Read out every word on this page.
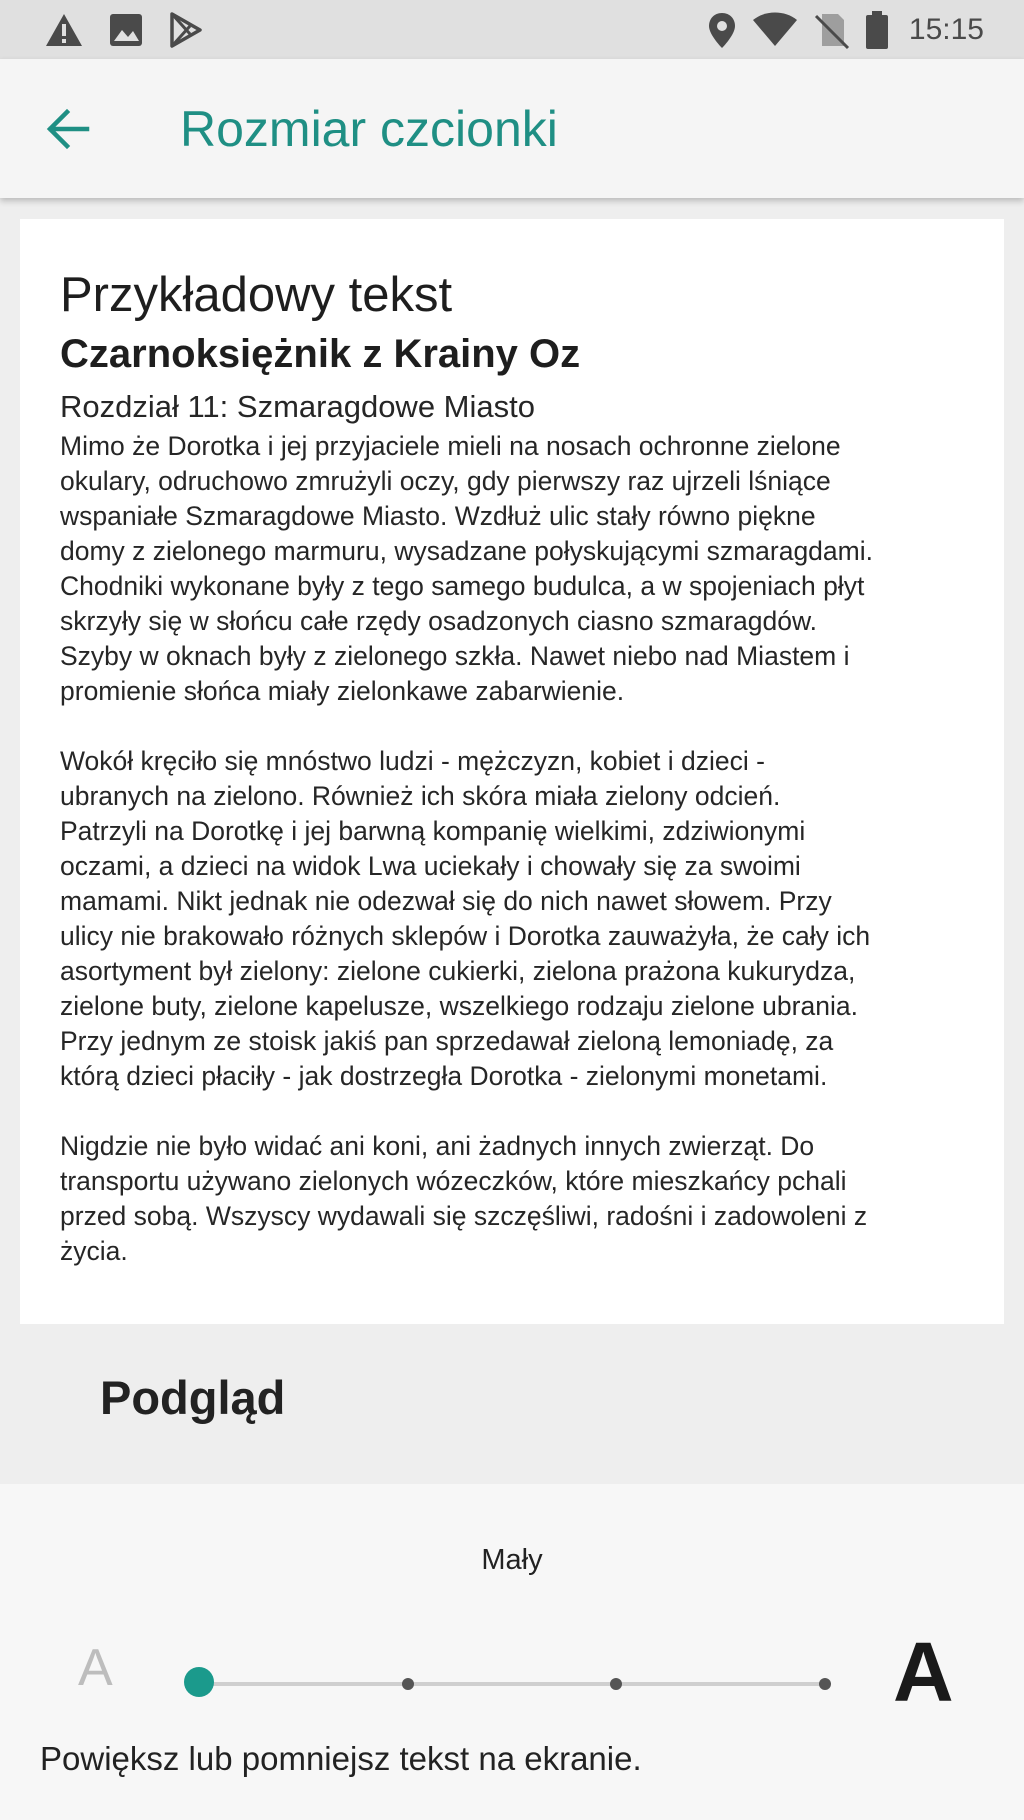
15:15
Rozmiar czcionki
Przykładowy tekst
Czarnoksiężnik z Krainy Oz
Rozdział 11: Szmaragdowe Miasto

Mimo że Dorotka i jej przyjaciele mieli na nosach ochronne zielone
okulary, odruchowo zmrużyli oczy, gdy pierwszy raz ujrzeli lśniące
wspaniałe Szmaragdowe Miasto. Wzdłuż ulic stały równo piękne
domy z zielonego marmuru, wysadzane połyskującymi szmaragdami.
Chodniki wykonane były z tego samego budulca, a w spojeniach płyt
skrzyły się w słońcu całe rzędy osadzonych ciasno szmaragdów.
Szyby w oknach były z zielonego szkła. Nawet niebo nad Miastem i
promienie słońca miały zielonkawe zabarwienie.

Wokół kręciło się mnóstwo ludzi - mężczyzn, kobiet i dzieci -
ubranych na zielono. Również ich skóra miała zielony odcień.
Patrzyli na Dorotkę i jej barwną kompanię wielkimi, zdziwionymi
oczami, a dzieci na widok Lwa uciekały i chowały się za swoimi
mamami. Nikt jednak nie odezwał się do nich nawet słowem. Przy
ulicy nie brakowało różnych sklepów i Dorotka zauważyła, że cały ich
asortyment był zielony: zielone cukierki, zielona prażona kukurydza,
zielone buty, zielone kapelusze, wszelkiego rodzaju zielone ubrania.
Przy jednym ze stoisk jakiś pan sprzedawał zieloną lemoniadę, za
którą dzieci płaciły - jak dostrzegła Dorotka - zielonymi monetami.

Nigdzie nie było widać ani koni, ani żadnych innych zwierząt. Do
transportu używano zielonych wózeczków, które mieszkańcy pchali
przed sobą. Wszyscy wydawali się szczęśliwi, radośni i zadowoleni z
życia.

Podgląd
Mały
A	A
Powiększ lub pomniejsz tekst na ekranie.
